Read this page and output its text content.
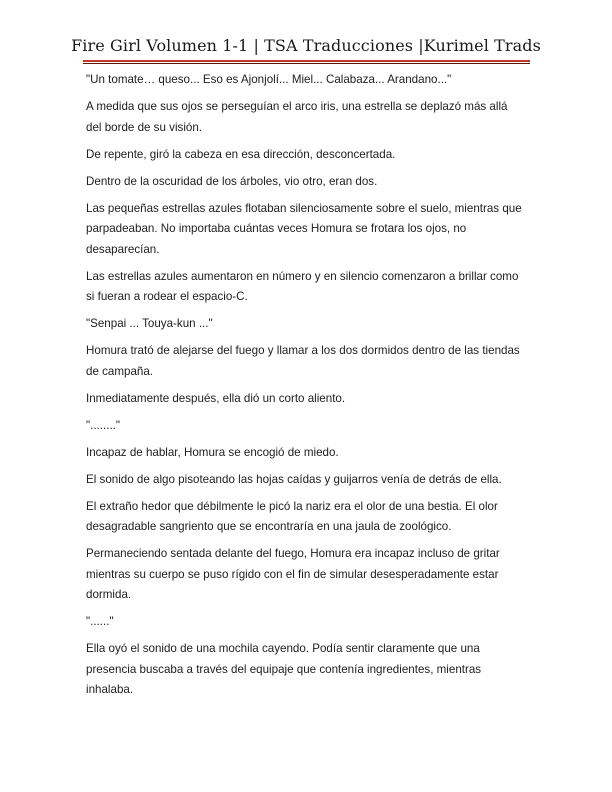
Fire Girl Volumen 1-1 | TSA Traducciones |Kurimel Trads

"Un tomate… queso... Eso es Ajonjolí... Miel... Calabaza... Arandano..."

A medida que sus ojos se perseguían el arco iris, una estrella se deplazó más allá del borde de su visión.

De repente, giró la cabeza en esa dirección, desconcertada.

Dentro de la oscuridad de los árboles, vio otro, eran dos.

Las pequeñas estrellas azules flotaban silenciosamente sobre el suelo, mientras que parpadeaban. No importaba cuántas veces Homura se frotara los ojos, no desaparecían.

Las estrellas azules aumentaron en número y en silencio comenzaron a brillar como si fueran a rodear el espacio-C.

"Senpai ... Touya-kun ..."

Homura trató de alejarse del fuego y llamar a los dos dormidos dentro de las tiendas de campaña.

Inmediatamente después, ella dió un corto aliento.

"........"

Incapaz de hablar, Homura se encogió de miedo.

El sonido de algo pisoteando las hojas caídas y guijarros venía de detrás de ella.

El extraño hedor que débilmente le picó la nariz era el olor de una bestia. El olor desagradable sangriento que se encontraría en una jaula de zoológico.

Permaneciendo sentada delante del fuego, Homura era incapaz incluso de gritar mientras su cuerpo se puso rígido con el fin de simular desesperadamente estar dormida.

"......"

Ella oyó el sonido de una mochila cayendo. Podía sentir claramente que una presencia buscaba a través del equipaje que contenía ingredientes, mientras inhalaba.
